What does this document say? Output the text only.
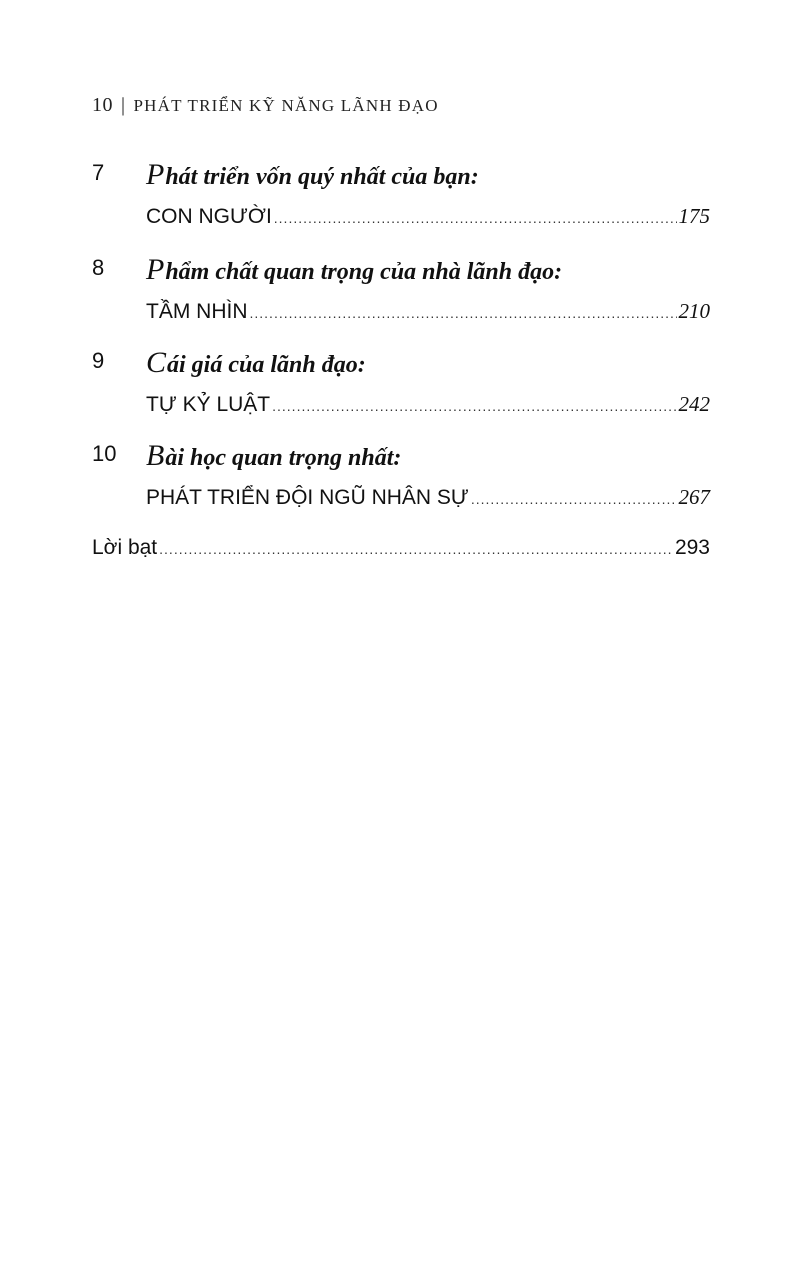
10 | PHÁT TRIỂN KỸ NĂNG LÃNH ĐẠO
7 Phát triển vốn quý nhất của bạn:
CON NGƯỜI .....	175
8 Phẩm chất quan trọng của nhà lãnh đạo:
TẦM NHÌN .....	210
9 Cái giá của lãnh đạo:
TỰ KỶ LUẬT .....	242
10 Bài học quan trọng nhất:
PHÁT TRIỂN ĐỘI NGŨ NHÂN SỰ .....	267
Lời bạt .....	293
